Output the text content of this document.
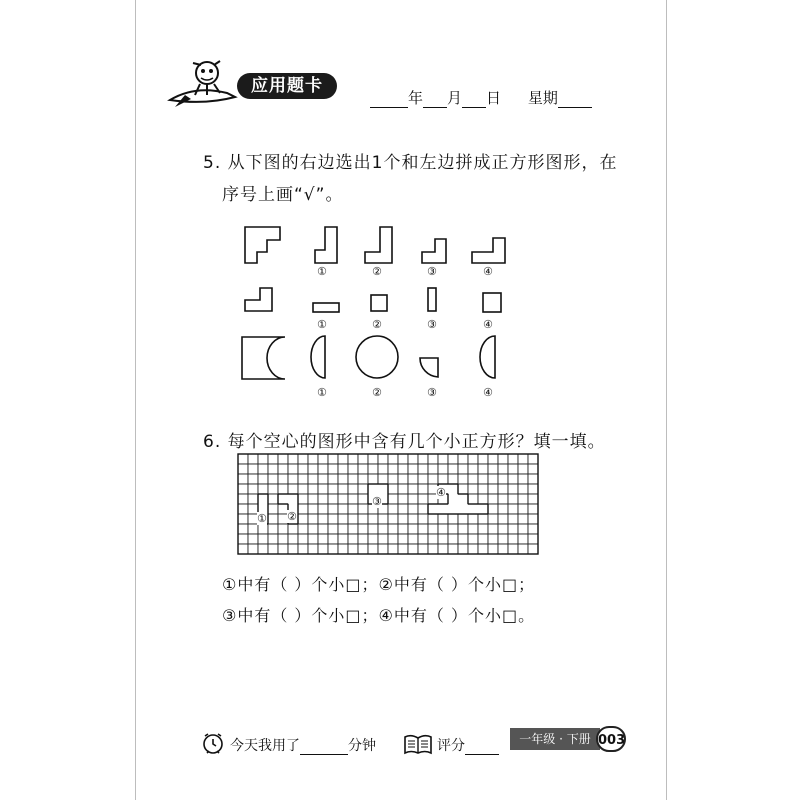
应用题卡
年 月 日 星期
5. 从下图的右边选出1个和左边拼成正方形图形，在
序号上画“√”。
①	②	③	④
①	②	③	④
①	②	③	④
6. 每个空心的图形中含有几个小正方形？填一填。
① ②
③
④
①中有（ ）个小□；②中有（ ）个小□；
③中有（ ）个小□；④中有（ ）个小□。
今天我用了	分钟	评分	一年级 · 下册 003
